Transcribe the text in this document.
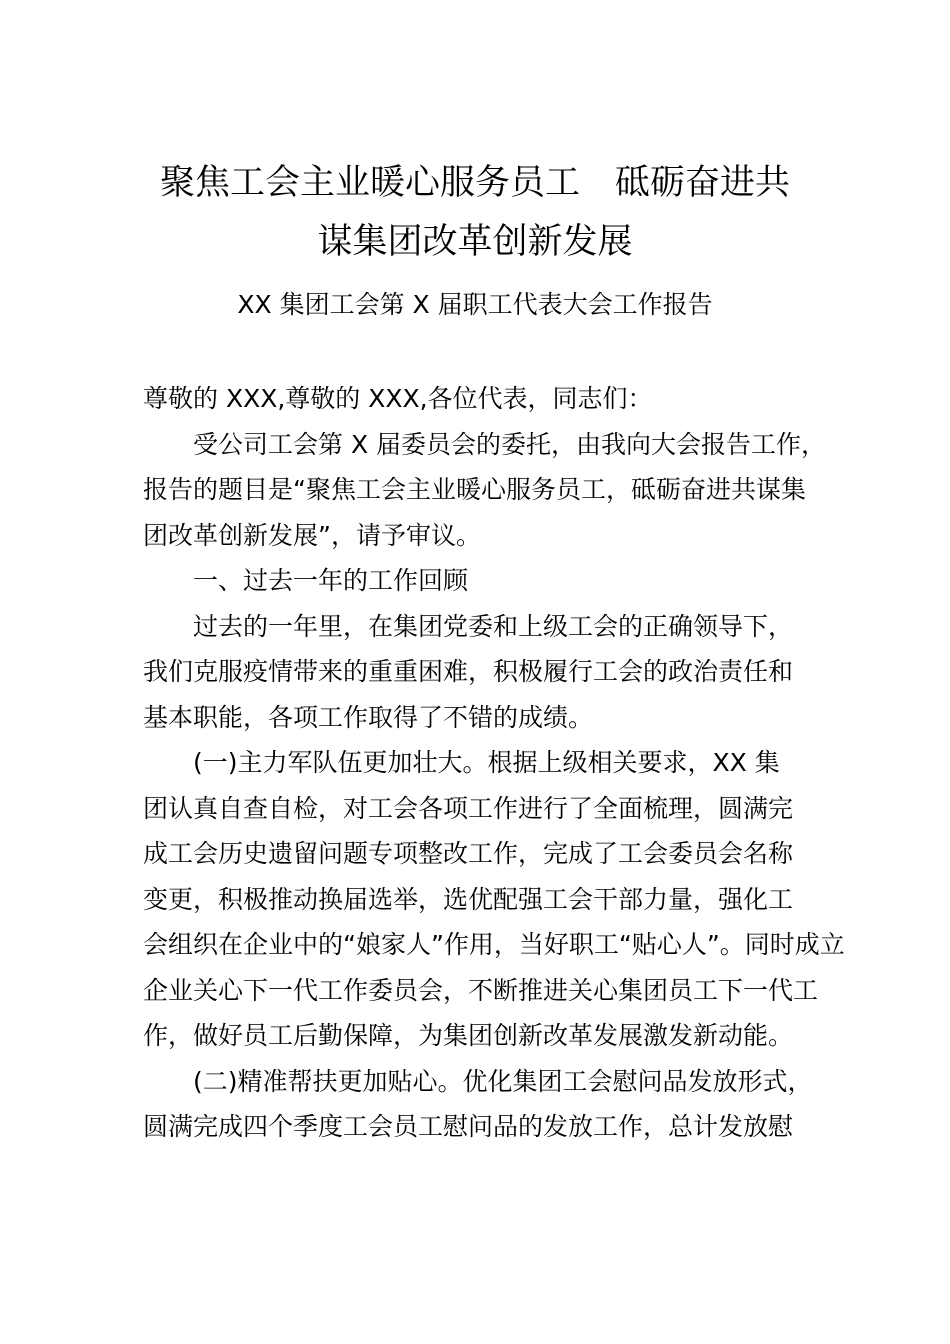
聚焦工会主业暖心服务员工　砥砺奋进共
谋集团改革创新发展
XX 集团工会第 X 届职工代表大会工作报告
尊敬的 XXX,尊敬的 XXX,各位代表，同志们：
受公司工会第 X 届委员会的委托，由我向大会报告工作，
报告的题目是“聚焦工会主业暖心服务员工，砥砺奋进共谋集
团改革创新发展”，请予审议。
一、过去一年的工作回顾
过去的一年里，在集团党委和上级工会的正确领导下，
我们克服疫情带来的重重困难，积极履行工会的政治责任和
基本职能，各项工作取得了不错的成绩。
(一)主力军队伍更加壮大。根据上级相关要求，XX 集
团认真自查自检，对工会各项工作进行了全面梳理，圆满完
成工会历史遗留问题专项整改工作，完成了工会委员会名称
变更，积极推动换届选举，选优配强工会干部力量，强化工
会组织在企业中的“娘家人”作用，当好职工“贴心人”。同时成立
企业关心下一代工作委员会，不断推进关心集团员工下一代工
作，做好员工后勤保障，为集团创新改革发展激发新动能。
(二)精准帮扶更加贴心。优化集团工会慰问品发放形式，
圆满完成四个季度工会员工慰问品的发放工作，总计发放慰
